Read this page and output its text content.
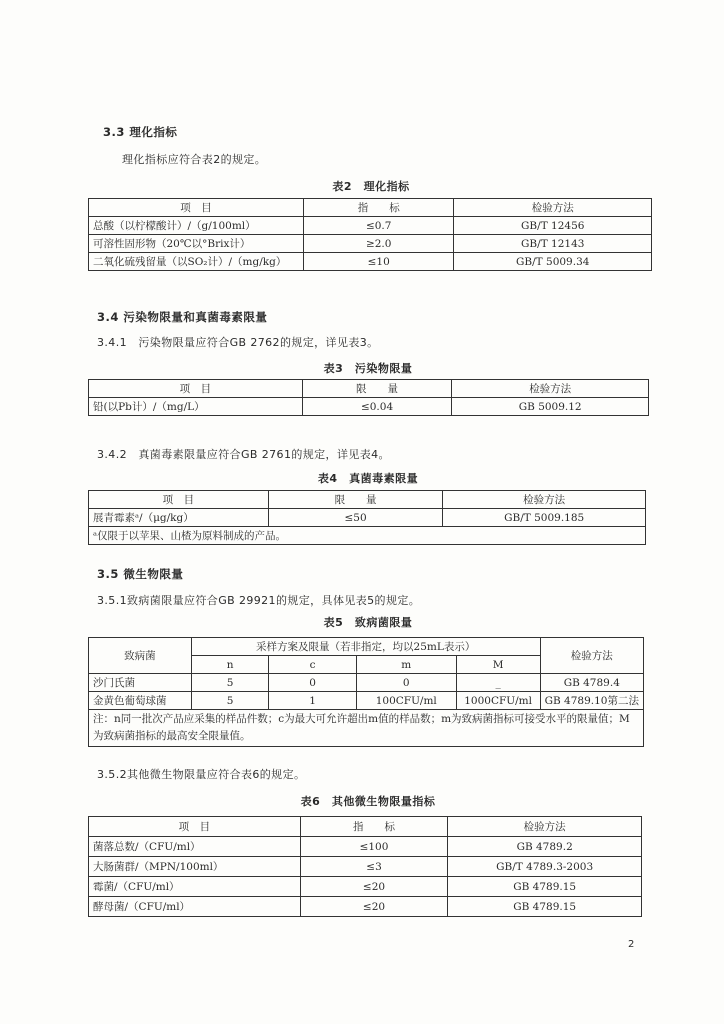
3.3 理化指标
理化指标应符合表2的规定。
表2　理化指标
项　目	指　　标	检验方法
总酸（以柠檬酸计）/（g/100ml）	≤0.7	GB/T 12456
可溶性固形物（20℃以°Brix计）	≥2.0	GB/T 12143
二氧化硫残留量（以SO₂计）/（mg/kg）	≤10	GB/T 5009.34
3.4 污染物限量和真菌毒素限量
3.4.1　污染物限量应符合GB 2762的规定，详见表3。
表3　污染物限量
项　目	限　　量	检验方法
铅(以Pb计）/（mg/L）	≤0.04	GB 5009.12
3.4.2　真菌毒素限量应符合GB 2761的规定，详见表4。
表4　真菌毒素限量
项　目	限　　量	检验方法
展青霉素ᵃ/（μg/kg）	≤50	GB/T 5009.185
ᵃ仅限于以苹果、山楂为原料制成的产品。		
3.5 微生物限量
3.5.1致病菌限量应符合GB 29921的规定，具体见表5的规定。
表5　致病菌限量
致病菌	采样方案及限量（若非指定，均以25mL表示）				检验方法
	n	c	m	M	
沙门氏菌	5	0	0	_	GB 4789.4
金黄色葡萄球菌	5	1	100CFU/ml	1000CFU/ml	GB 4789.10第二法
注：n同一批次产品应采集的样品件数；c为最大可允许超出m值的样品数；m为致病菌指标可接受水平的限量值；M为致病菌指标的最高安全限量值。					
3.5.2其他微生物限量应符合表6的规定。
表6　其他微生物限量指标
项　目	指　　标	检验方法
菌落总数/（CFU/ml）	≤100	GB 4789.2
大肠菌群/（MPN/100ml）	≤3	GB/T 4789.3-2003
霉菌/（CFU/ml）	≤20	GB 4789.15
酵母菌/（CFU/ml）	≤20	GB 4789.15
2
